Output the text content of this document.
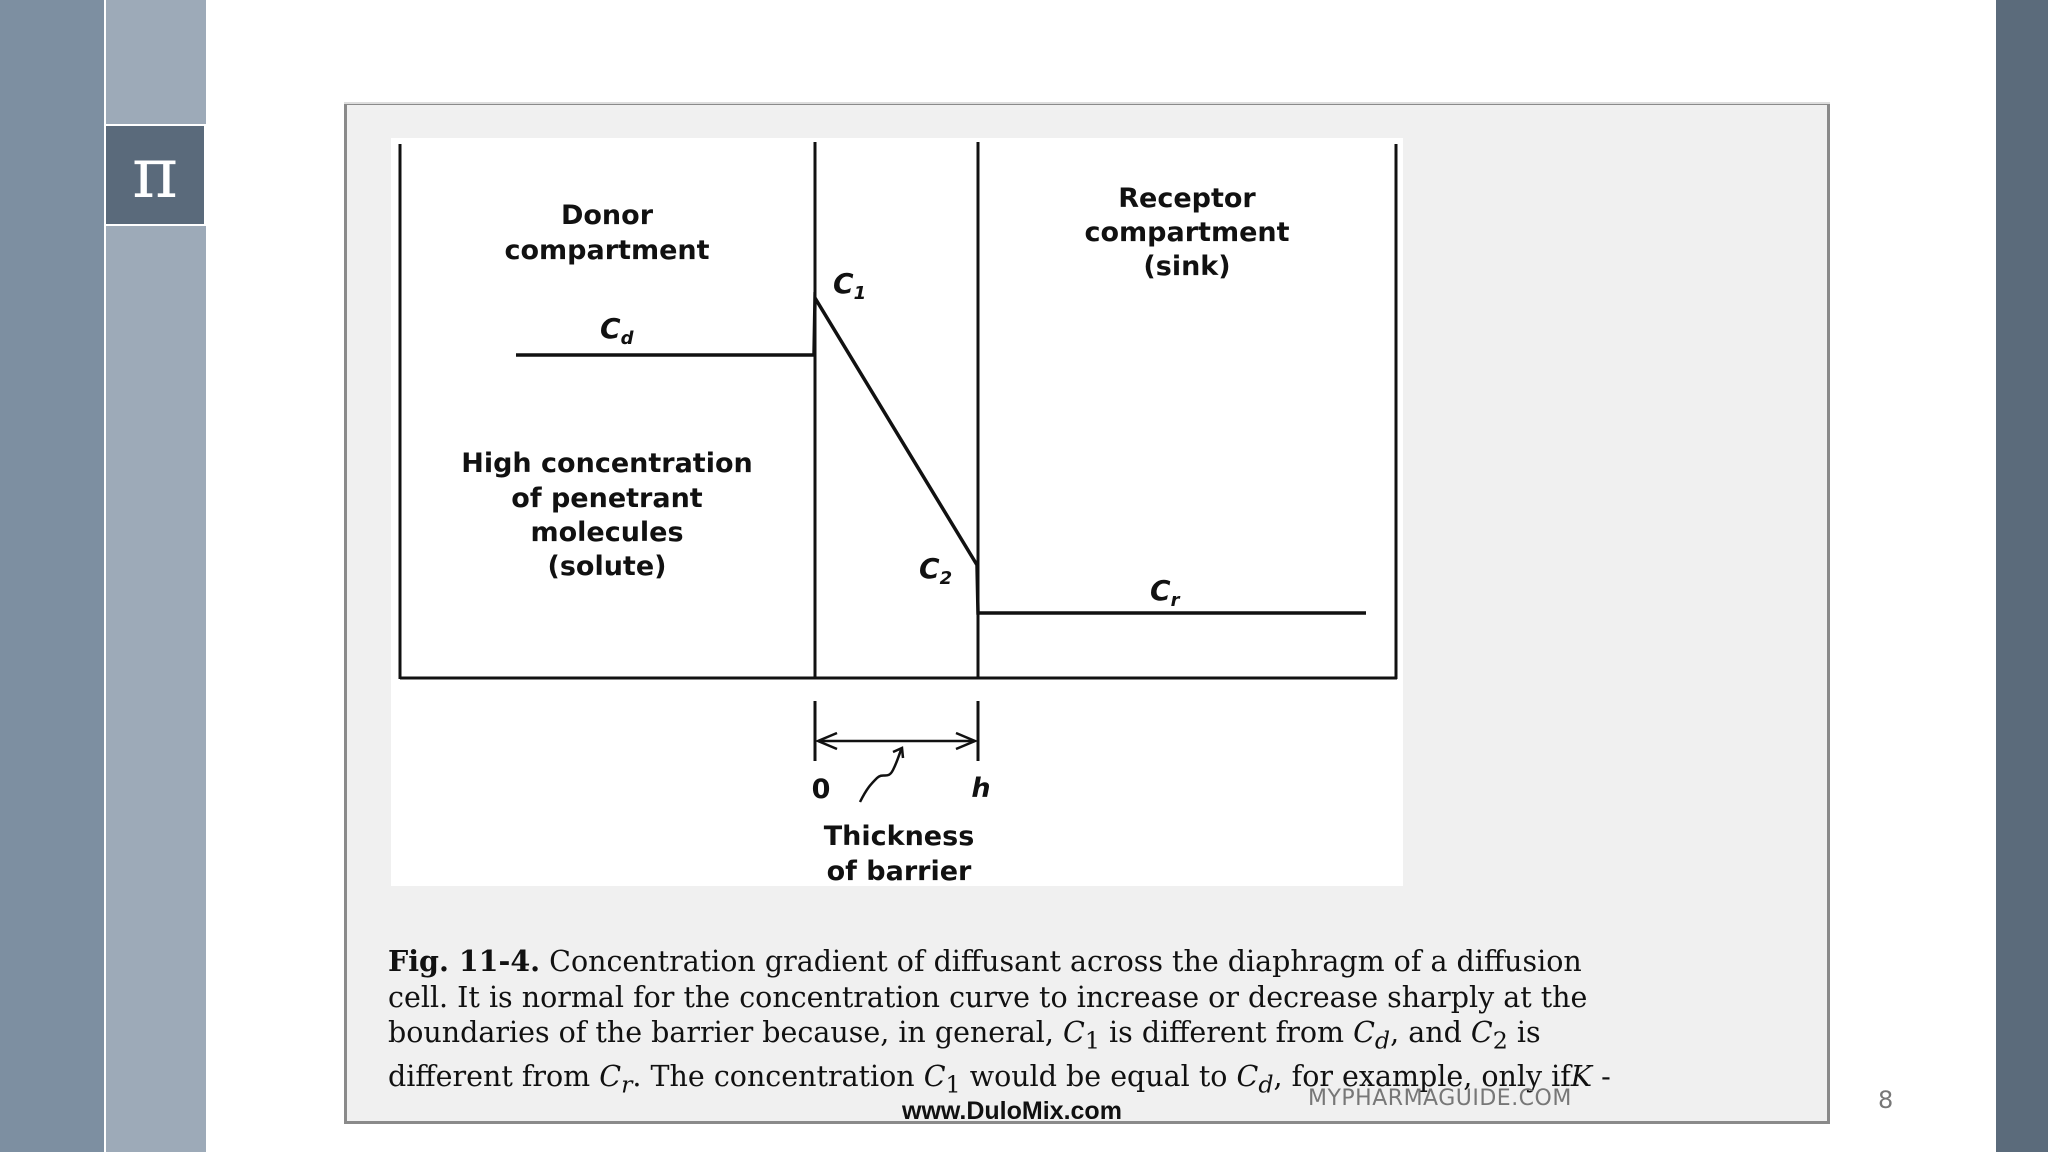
π
Donor
compartment
Receptor
compartment
(sink)
High concentration
of penetrant
molecules
(solute)
$C_d$
$C_1$
$C_2$	$C_r$
0	h
Thickness
of barrier

Fig. 11-4. Concentration gradient of diffusant across the diaphragm of a diffusion

cell. It is normal for the concentration curve to increase or decrease sharply at the

boundaries of the barrier because, in general, $C_1$ is different from $C_d$, and $C_2$ is

different from $C_r$. The concentration $C_1$ would be equal to $C_d$, for example, only ifK -

www.DuloMix.com	MYPHARMAGUIDE.COM	8
